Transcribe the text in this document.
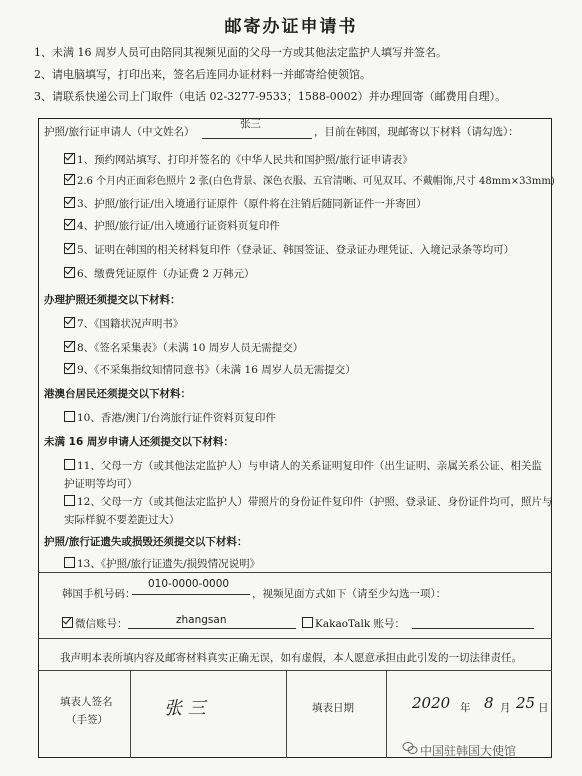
邮寄办证申请书
1、未满 16 周岁人员可由陪同其视频见面的父母一方或其他法定监护人填写并签名。
2、请电脑填写，打印出来，签名后连同办证材料一并邮寄给使领馆。
3、请联系快递公司上门取件（电话 02-3277-9533；1588-0002）并办理回寄（邮费用自理）。
护照/旅行证申请人（中文姓名）
张三
，目前在韩国，现邮寄以下材料（请勾选）：
1、预约网站填写、打印并签名的《中华人民共和国护照/旅行证申请表》
2.6 个月内正面彩色照片 2 张(白色背景、深色衣服、五官清晰、可见双耳、不戴帽饰,尺寸 48mm×33mm)
3、护照/旅行证/出入境通行证原件（原件将在注销后随同新证件一并寄回）
4、护照/旅行证/出入境通行证资料页复印件
5、证明在韩国的相关材料复印件（登录证、韩国签证、登录证办理凭证、入境记录条等均可）
6、缴费凭证原件（办证费 2 万韩元）
办理护照还须提交以下材料：
7、《国籍状况声明书》
8、《签名采集表》（未满 10 周岁人员无需提交）
9、《不采集指纹知情同意书》（未满 16 周岁人员无需提交）
港澳台居民还须提交以下材料：
10、香港/澳门/台湾旅行证件资料页复印件
未满 16 周岁申请人还须提交以下材料：
11、父母一方（或其他法定监护人）与申请人的关系证明复印件（出生证明、亲属关系公证、相关监
护证明等均可）
12、父母一方（或其他法定监护人）带照片的身份证件复印件（护照、登录证、身份证件均可，照片与
实际样貌不要差距过大）
护照/旅行证遗失或损毁还须提交以下材料：
13、《护照/旅行证遗失/损毁情况说明》
韩国手机号码：
010-0000-0000
，视频见面方式如下（请至少勾选一项）：
微信账号：	zhangsan	KakaoTalk 账号：
我声明本表所填内容及邮寄材料真实正确无误，如有虚假，本人愿意承担由此引发的一切法律责任。
填表人签名
（手签）
张 三	填表日期	2020 年 8 月 25 日
中国驻韩国大使馆
